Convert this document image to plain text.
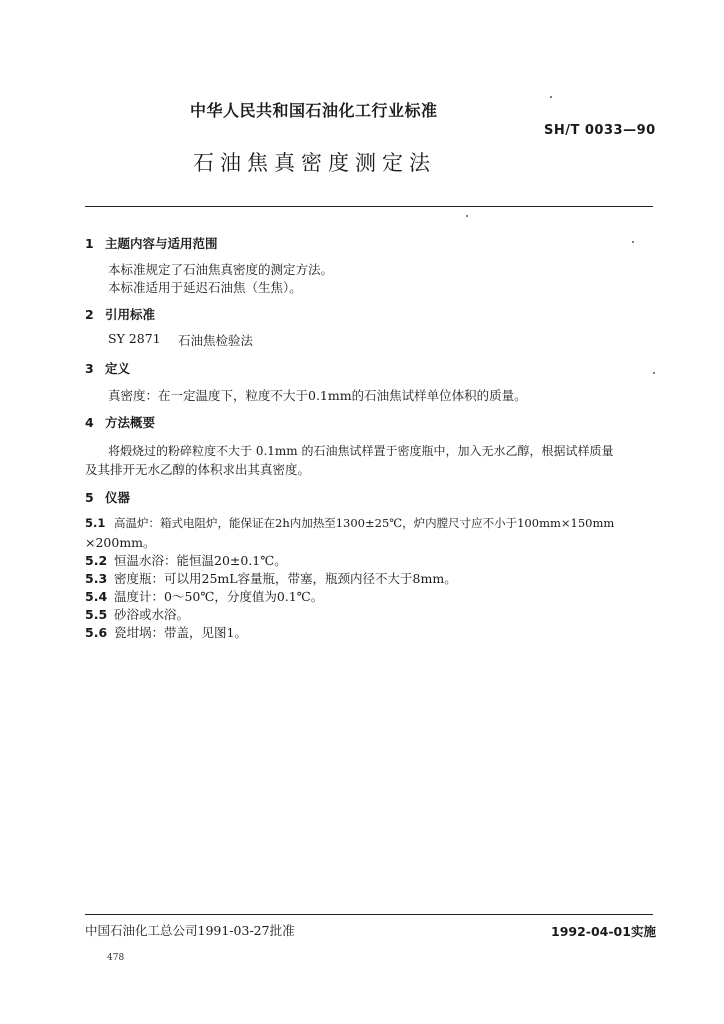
中华人民共和国石油化工行业标准
SH/T 0033—90
石油焦真密度测定法
1 主题内容与适用范围
本标准规定了石油焦真密度的测定方法。
本标准适用于延迟石油焦（生焦）。
2 引用标准
SY 2871 石油焦检验法
3 定义
真密度：在一定温度下，粒度不大于0.1mm的石油焦试样单位体积的质量。
4 方法概要
将煅烧过的粉碎粒度不大于 0.1mm 的石油焦试样置于密度瓶中，加入无水乙醇，根据试样质量
及其排开无水乙醇的体积求出其真密度。
5 仪器
5.1 高温炉：箱式电阻炉，能保证在2h内加热至1300±25℃，炉内膛尺寸应不小于100mm×150mm
×200mm。
5.2 恒温水浴：能恒温20±0.1℃。
5.3 密度瓶：可以用25mL容量瓶，带塞，瓶颈内径不大于8mm。
5.4 温度计：0～50℃，分度值为0.1℃。
5.5 砂浴或水浴。
5.6 瓷坩埚：带盖，见图1。
中国石油化工总公司1991-03-27批准	1992-04-01实施
478
